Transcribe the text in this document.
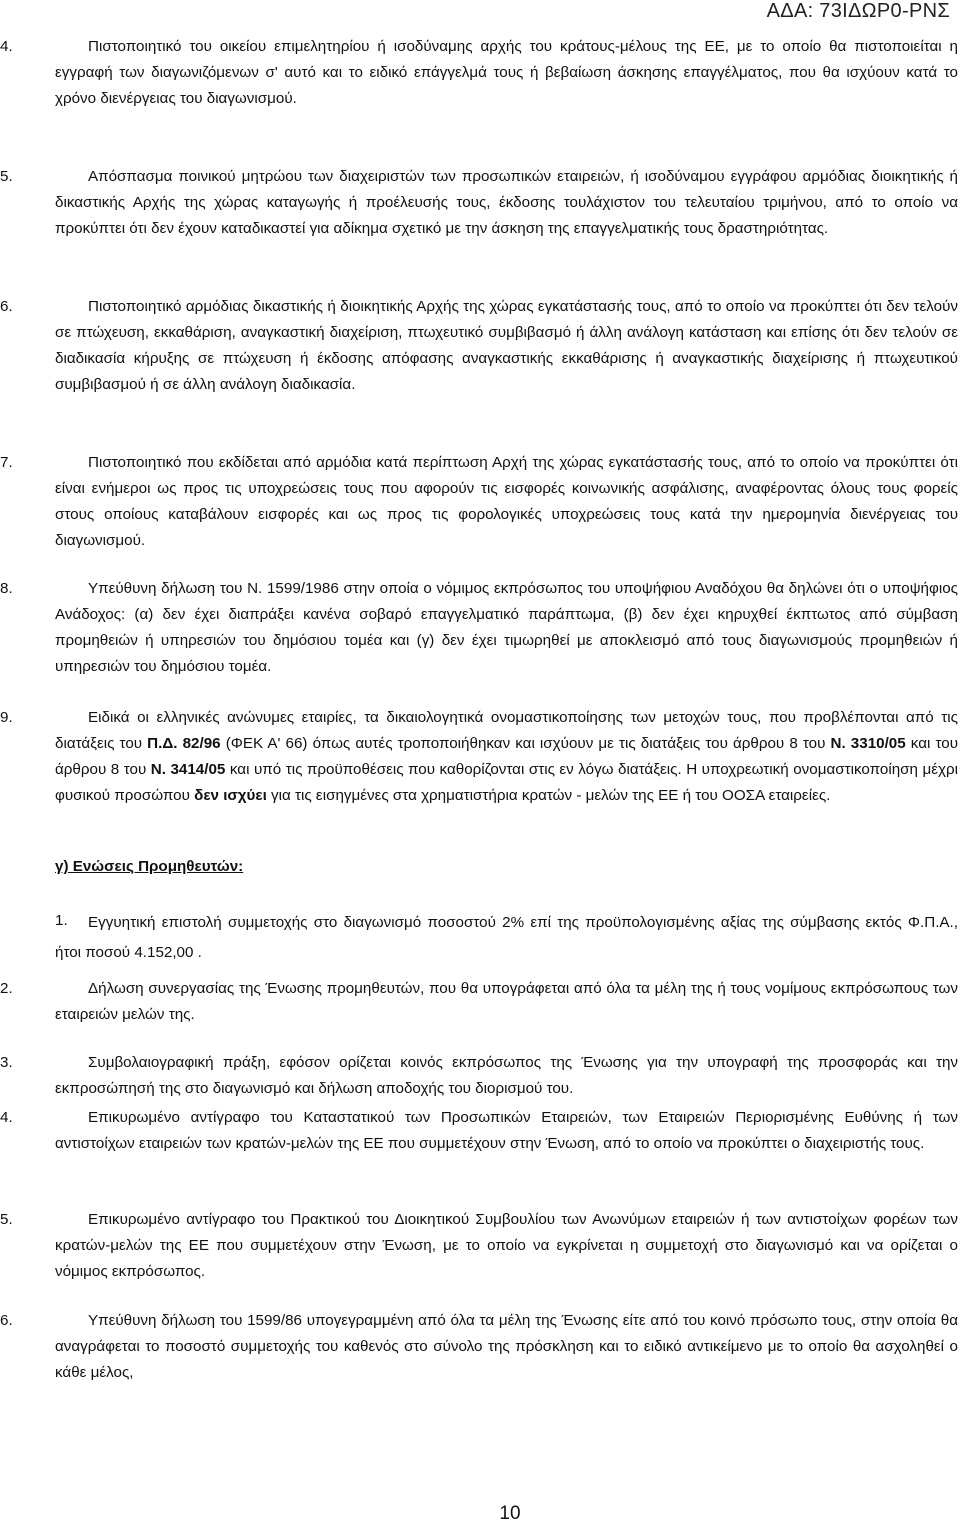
ΑΔΑ: 73ΙΔΩΡ0-ΡΝΣ
4.	Πιστοποιητικό του οικείου επιμελητηρίου ή ισοδύναμης αρχής του κράτους-μέλους της ΕΕ, με το οποίο θα πιστοποιείται η εγγραφή των διαγωνιζόμενων σ' αυτό και το ειδικό επάγγελμά τους ή βεβαίωση άσκησης επαγγέλματος, που θα ισχύουν κατά το χρόνο διενέργειας του διαγωνισμού.
5.	Απόσπασμα ποινικού μητρώου των διαχειριστών των προσωπικών εταιρειών, ή ισοδύναμου εγγράφου αρμόδιας διοικητικής ή δικαστικής Αρχής της χώρας καταγωγής ή προέλευσής τους, έκδοσης τουλάχιστον του τελευταίου τριμήνου, από το οποίο να προκύπτει ότι δεν έχουν καταδικαστεί για αδίκημα σχετικό με την άσκηση της επαγγελματικής τους δραστηριότητας.
6.	Πιστοποιητικό αρμόδιας δικαστικής ή διοικητικής Αρχής της χώρας εγκατάστασής τους, από το οποίο να προκύπτει ότι δεν τελούν σε πτώχευση, εκκαθάριση, αναγκαστική διαχείριση, πτωχευτικό συμβιβασμό ή άλλη ανάλογη κατάσταση και επίσης ότι δεν τελούν σε διαδικασία κήρυξης σε πτώχευση ή έκδοσης απόφασης αναγκαστικής εκκαθάρισης ή αναγκαστικής διαχείρισης ή πτωχευτικού συμβιβασμού ή σε άλλη ανάλογη διαδικασία.
7.	Πιστοποιητικό που εκδίδεται από αρμόδια κατά περίπτωση Αρχή της χώρας εγκατάστασής τους, από το οποίο να προκύπτει ότι είναι ενήμεροι ως προς τις υποχρεώσεις τους που αφορούν τις εισφορές κοινωνικής ασφάλισης, αναφέροντας όλους τους φορείς στους οποίους καταβάλουν εισφορές και ως προς τις φορολογικές υποχρεώσεις τους κατά την ημερομηνία διενέργειας του διαγωνισμού.
8.	Υπεύθυνη δήλωση του Ν. 1599/1986 στην οποία ο νόμιμος εκπρόσωπος του υποψήφιου Αναδόχου θα δηλώνει ότι ο υποψήφιος Ανάδοχος: (α) δεν έχει διαπράξει κανένα σοβαρό επαγγελματικό παράπτωμα, (β) δεν έχει κηρυχθεί έκπτωτος από σύμβαση προμηθειών ή υπηρεσιών του δημόσιου τομέα και (γ) δεν έχει τιμωρηθεί με αποκλεισμό από τους διαγωνισμούς προμηθειών ή υπηρεσιών του δημόσιου τομέα.
9.	Ειδικά οι ελληνικές ανώνυμες εταιρίες, τα δικαιολογητικά ονομαστικοποίησης των μετοχών τους, που προβλέπονται από τις διατάξεις του Π.Δ. 82/96 (ΦΕΚ Α' 66) όπως αυτές τροποποιήθηκαν και ισχύουν με τις διατάξεις του άρθρου 8 του Ν. 3310/05 και του άρθρου 8 του Ν. 3414/05 και υπό τις προϋποθέσεις που καθορίζονται στις εν λόγω διατάξεις. Η υποχρεωτική ονομαστικοποίηση μέχρι φυσικού προσώπου δεν ισχύει για τις εισηγμένες στα χρηματιστήρια κρατών - μελών της ΕΕ ή του ΟΟΣΑ εταιρείες.
γ) Ενώσεις Προμηθευτών:
1.	Εγγυητική επιστολή συμμετοχής στο διαγωνισμό ποσοστού 2% επί της προϋπολογισμένης αξίας της σύμβασης εκτός Φ.Π.Α., ήτοι ποσού 4.152,00 .
2.	Δήλωση συνεργασίας της Ένωσης προμηθευτών, που θα υπογράφεται από όλα τα μέλη της ή τους νομίμους εκπρόσωπους των εταιρειών μελών της.
3.	Συμβολαιογραφική πράξη, εφόσον ορίζεται κοινός εκπρόσωπος της Ένωσης για την υπογραφή της προσφοράς και την εκπροσώπησή της στο διαγωνισμό και δήλωση αποδοχής του διορισμού του.
4.	Επικυρωμένο αντίγραφο του Καταστατικού των Προσωπικών Εταιρειών, των Εταιρειών Περιορισμένης Ευθύνης ή των αντιστοίχων εταιρειών των κρατών-μελών της ΕΕ που συμμετέχουν στην Ένωση, από το οποίο να προκύπτει ο διαχειριστής τους.
5.	Επικυρωμένο αντίγραφο του Πρακτικού του Διοικητικού Συμβουλίου των Ανωνύμων εταιρειών ή των αντιστοίχων φορέων των κρατών-μελών της ΕΕ που συμμετέχουν στην Ένωση, με το οποίο να εγκρίνεται η συμμετοχή στο διαγωνισμό και να ορίζεται ο νόμιμος εκπρόσωπος.
6.	Υπεύθυνη δήλωση του 1599/86 υπογεγραμμένη από όλα τα μέλη της Ένωσης είτε από του κοινό πρόσωπο τους, στην οποία θα αναγράφεται το ποσοστό συμμετοχής του καθενός στο σύνολο της πρόσκληση και το ειδικό αντικείμενο με το οποίο θα ασχοληθεί ο κάθε μέλος,
10
